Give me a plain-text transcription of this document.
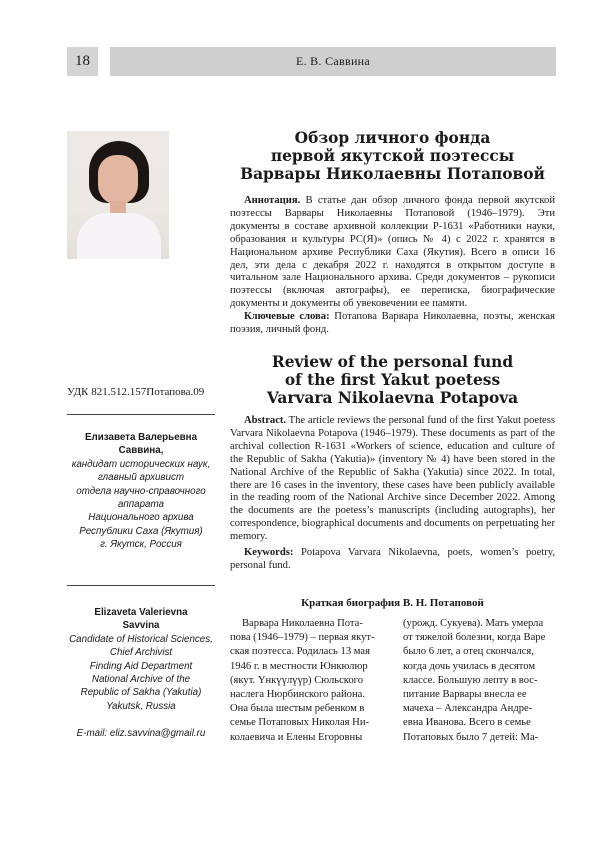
18	Е. В. Саввина
Обзор личного фонда
первой якутской поэтессы
Варвары Николаевны Потаповой

Аннотация. В статье дан обзор личного фонда первой якутской поэтессы Варвары Николаевны Потаповой (1946–1979). Эти документы в составе архивной коллекции Р-1631 «Работники науки, образования и культуры РС(Я)» (опись № 4) с 2022 г. хранятся в Национальном архиве Республики Саха (Якутия). Всего в описи 16 дел, эти дела с декабря 2022 г. находятся в открытом доступе в читальном зале Национального архива. Среди документов – рукописи поэтессы (включая автографы), ее переписка, биографические документы и документы об увековечении ее памяти.

Ключевые слова: Потапова Варвара Николаевна, поэты, женская поэзия, личный фонд.

Review of the personal fund
of the first Yakut poetess
Varvara Nikolaevna Potapova

Abstract. The article reviews the personal fund of the first Yakut poetess Varvara Nikolaevna Potapova (1946–1979). These documents as part of the archival collection R-1631 «Workers of science, education and culture of the Republic of Sakha (Yakutia)» (inventory № 4) have been stored in the National Archive of the Republic of Sakha (Yakutia) since 2022. In total, there are 16 cases in the inventory, these cases have been publicly available in the reading room of the National Archive since December 2022. Among the documents are the poetess’s manuscripts (including autographs), her correspondence, biographical documents and documents on perpetuating her memory.

Keywords: Potapova Varvara Nikolaevna, poets, women’s poetry, personal fund.

УДК 821.512.157Потапова.09
Елизавета Валерьевна
Саввина,
кандидат исторических наук,
главный архивист
отдела научно-справочного
аппарата
Национального архива
Республики Саха (Якутия)
г. Якутск, Россия
Elizaveta Valerievna
Savvina
Candidate of Historical Sciences,
Chief Archivist
Finding Aid Department
National Archive of the
Republic of Sakha (Yakutia)
Yakutsk, Russia
E-mail: eliz.savvina@gmail.ru
Краткая биография В. Н. Потаповой
Варвара Николаевна Пота-
пова (1946–1979) – первая якут-
ская поэтесса. Родилась 13 мая
1946 г. в местности Юнкюлюр
(якут. Үнкүүлүүр) Сюльского
наслега Нюрбинского района.
Она была шестым ребенком в
семье Потаповых Николая Ни-
колаевича и Елены Егоровны
(урожд. Сукуева). Мать умерла
от тяжелой болезни, когда Варе
было 6 лет, а отец скончался,
когда дочь училась в десятом
классе. Большую лепту в вос-
питание Варвары внесла ее
мачеха – Александра Андре-
евна Иванова. Всего в семье
Потаповых было 7 детей: Ма-
